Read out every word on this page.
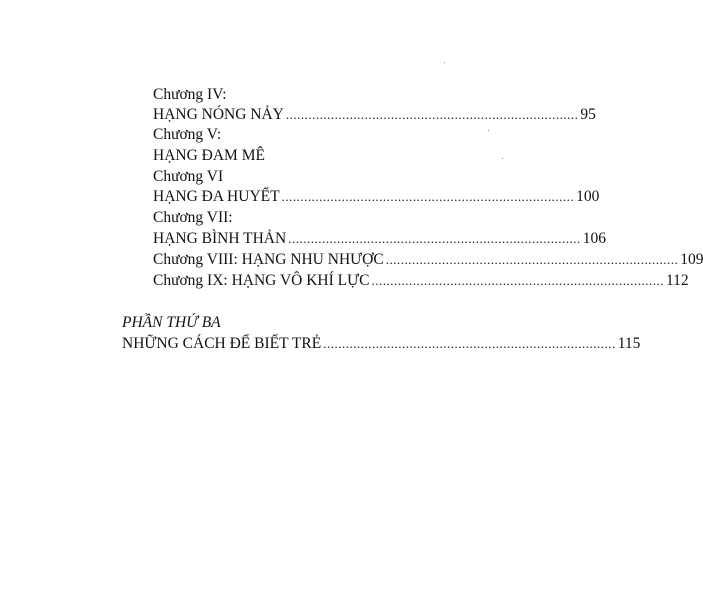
Chương IV:
HẠNG NÓNG NẢY .............................................................................. 95
Chương V:
HẠNG ĐAM MÊ
Chương VI
HẠNG ĐA HUYẾT .............................................................................. 100
Chương VII:
HẠNG BÌNH THẢN .............................................................................. 106
Chương VIII: HẠNG NHU NHƯỢC .............................................................................. 109
Chương IX: HẠNG VÔ KHÍ LỰC .............................................................................. 112
PHẦN THỨ BA
NHỮNG CÁCH ĐỂ BIẾT TRẺ .............................................................................. 115
